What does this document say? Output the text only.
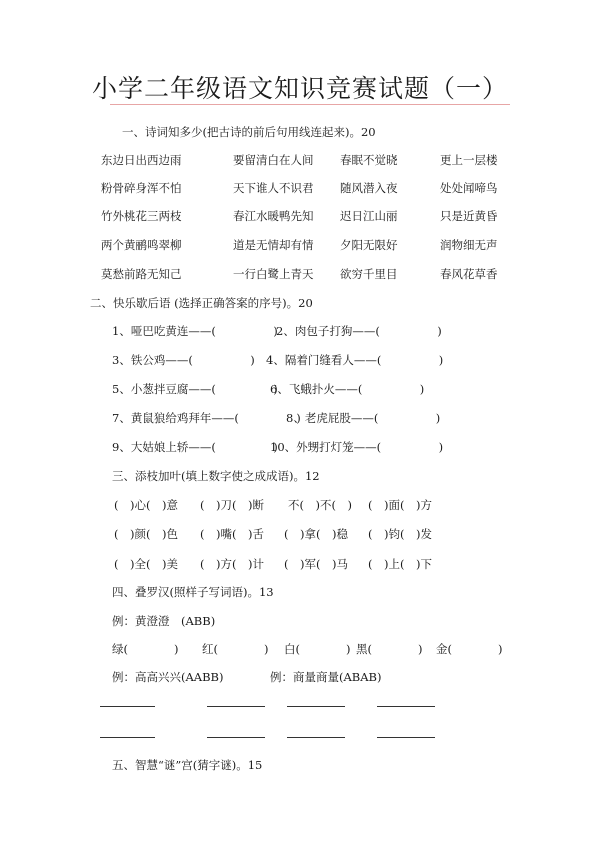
小学二年级语文知识竞赛试题（一）
一、诗词知多少(把古诗的前后句用线连起来)。20
东边日出西边雨	要留清白在人间 春眠不觉晓	更上一层楼
粉骨碎身浑不怕	天下谁人不识君 随风潜入夜	处处闻啼鸟
竹外桃花三两枝	春江水暖鸭先知 迟日江山丽	只是近黄昏
两个黄鹂鸣翠柳	道是无情却有情 夕阳无限好	润物细无声
莫愁前路无知己	一行白鹭上青天 欲穷千里目	春风花草香
二、快乐歇后语 (选择正确答案的序号)。20
1、哑巴吃黄连——(　　　　　)
2、肉包子打狗——(　　　　　)
3、铁公鸡——(　　　　　) 4、隔着门缝看人——(　　　　　)
5、小葱拌豆腐——(　　　　　)
6、飞蛾扑火——(　　　　　)
7、黄鼠狼给鸡拜年——(　　　　　)
8、老虎屁股——(　　　　　)
9、大姑娘上轿——(　　　　　)
10、外甥打灯笼——(　　　　　)
三、添枝加叶(填上数字使之成成语)。12
(　)心(　)意 (　)刀(　)断 不(　)不(　) (　)面(　)方
(　)颜(　)色 (　)嘴(　)舌 (　)拿(　)稳 (　)钧(　)发
(　)全(　)美 (　)方(　)计 (　)军(　)马 (　)上(　)下
四、叠罗汉(照样子写词语)。13
例：黄澄澄　(ABB)
绿(　　　　) 红(　　　　) 白(　　　　) 黑(　　　　) 金(　　　　)
例：高高兴兴(AABB)	例：商量商量(ABAB)
五、智慧“谜”宫(猜字谜)。15
